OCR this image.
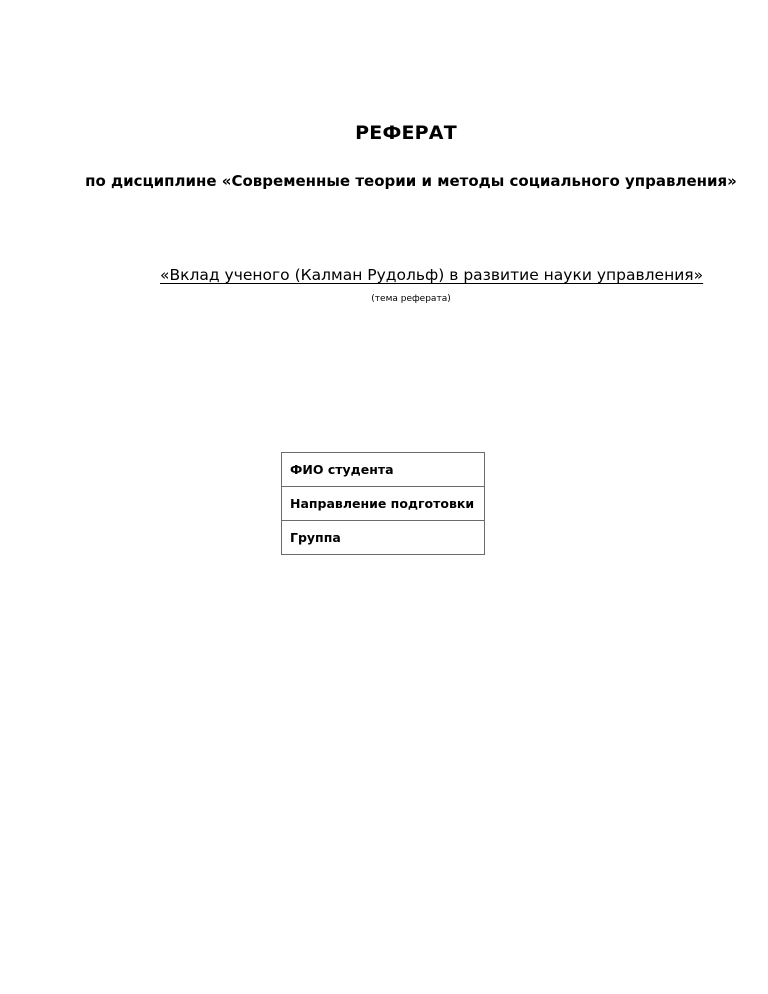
РЕФЕРАТ
по дисциплине «Современные теории и методы социального управления»
«Вклад ученого (Калман Рудольф) в развитие науки управления»
(тема реферата)
ФИО студента
Направление подготовки
Группа
